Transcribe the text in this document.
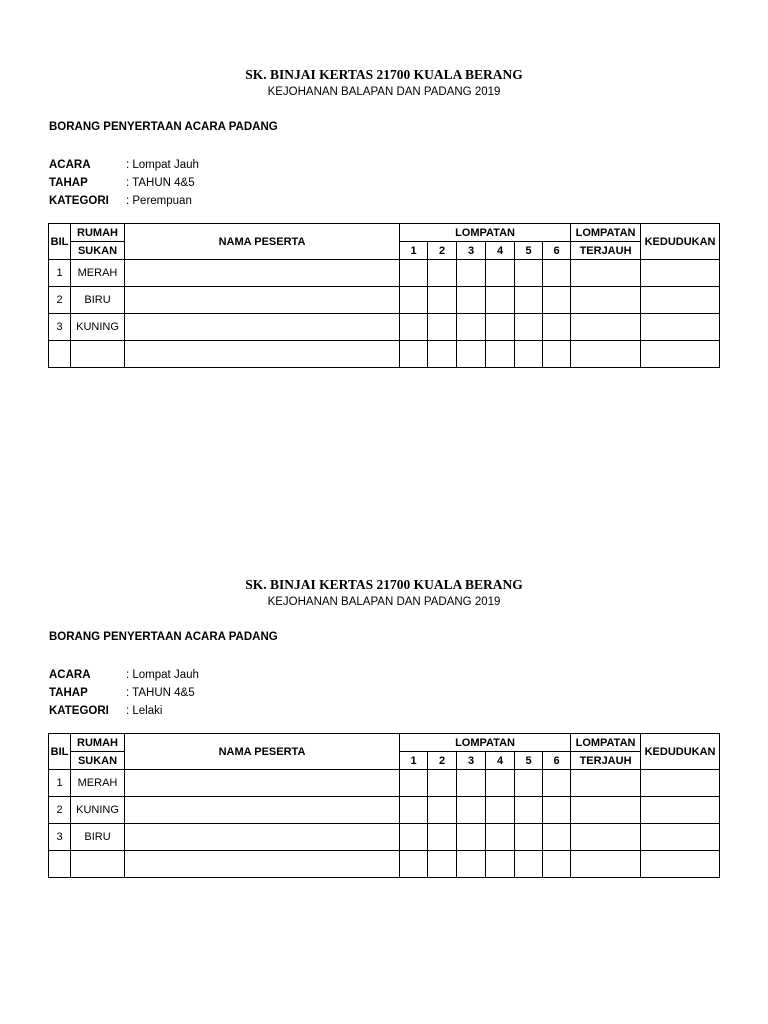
SK. BINJAI KERTAS 21700 KUALA BERANG
KEJOHANAN BALAPAN DAN PADANG 2019
BORANG PENYERTAAN ACARA PADANG
ACARA	: Lompat Jauh
TAHAP	: TAHUN 4&5
KATEGORI : Perempuan
BIL	RUMAH	NAMA PESERTA	LOMPATAN						LOMPATAN	KEDUDUKAN
	SUKAN		1	2	3	4	5	6	TERJAUH	
1	MERAH									
2	BIRU									
3	KUNING									

SK. BINJAI KERTAS 21700 KUALA BERANG
KEJOHANAN BALAPAN DAN PADANG 2019
BORANG PENYERTAAN ACARA PADANG
ACARA	: Lompat Jauh
TAHAP	: TAHUN 4&5
KATEGORI : Lelaki
BIL	RUMAH	NAMA PESERTA	LOMPATAN						LOMPATAN	KEDUDUKAN
	SUKAN		1	2	3	4	5	6	TERJAUH	
1	MERAH									
2	KUNING									
3	BIRU									
